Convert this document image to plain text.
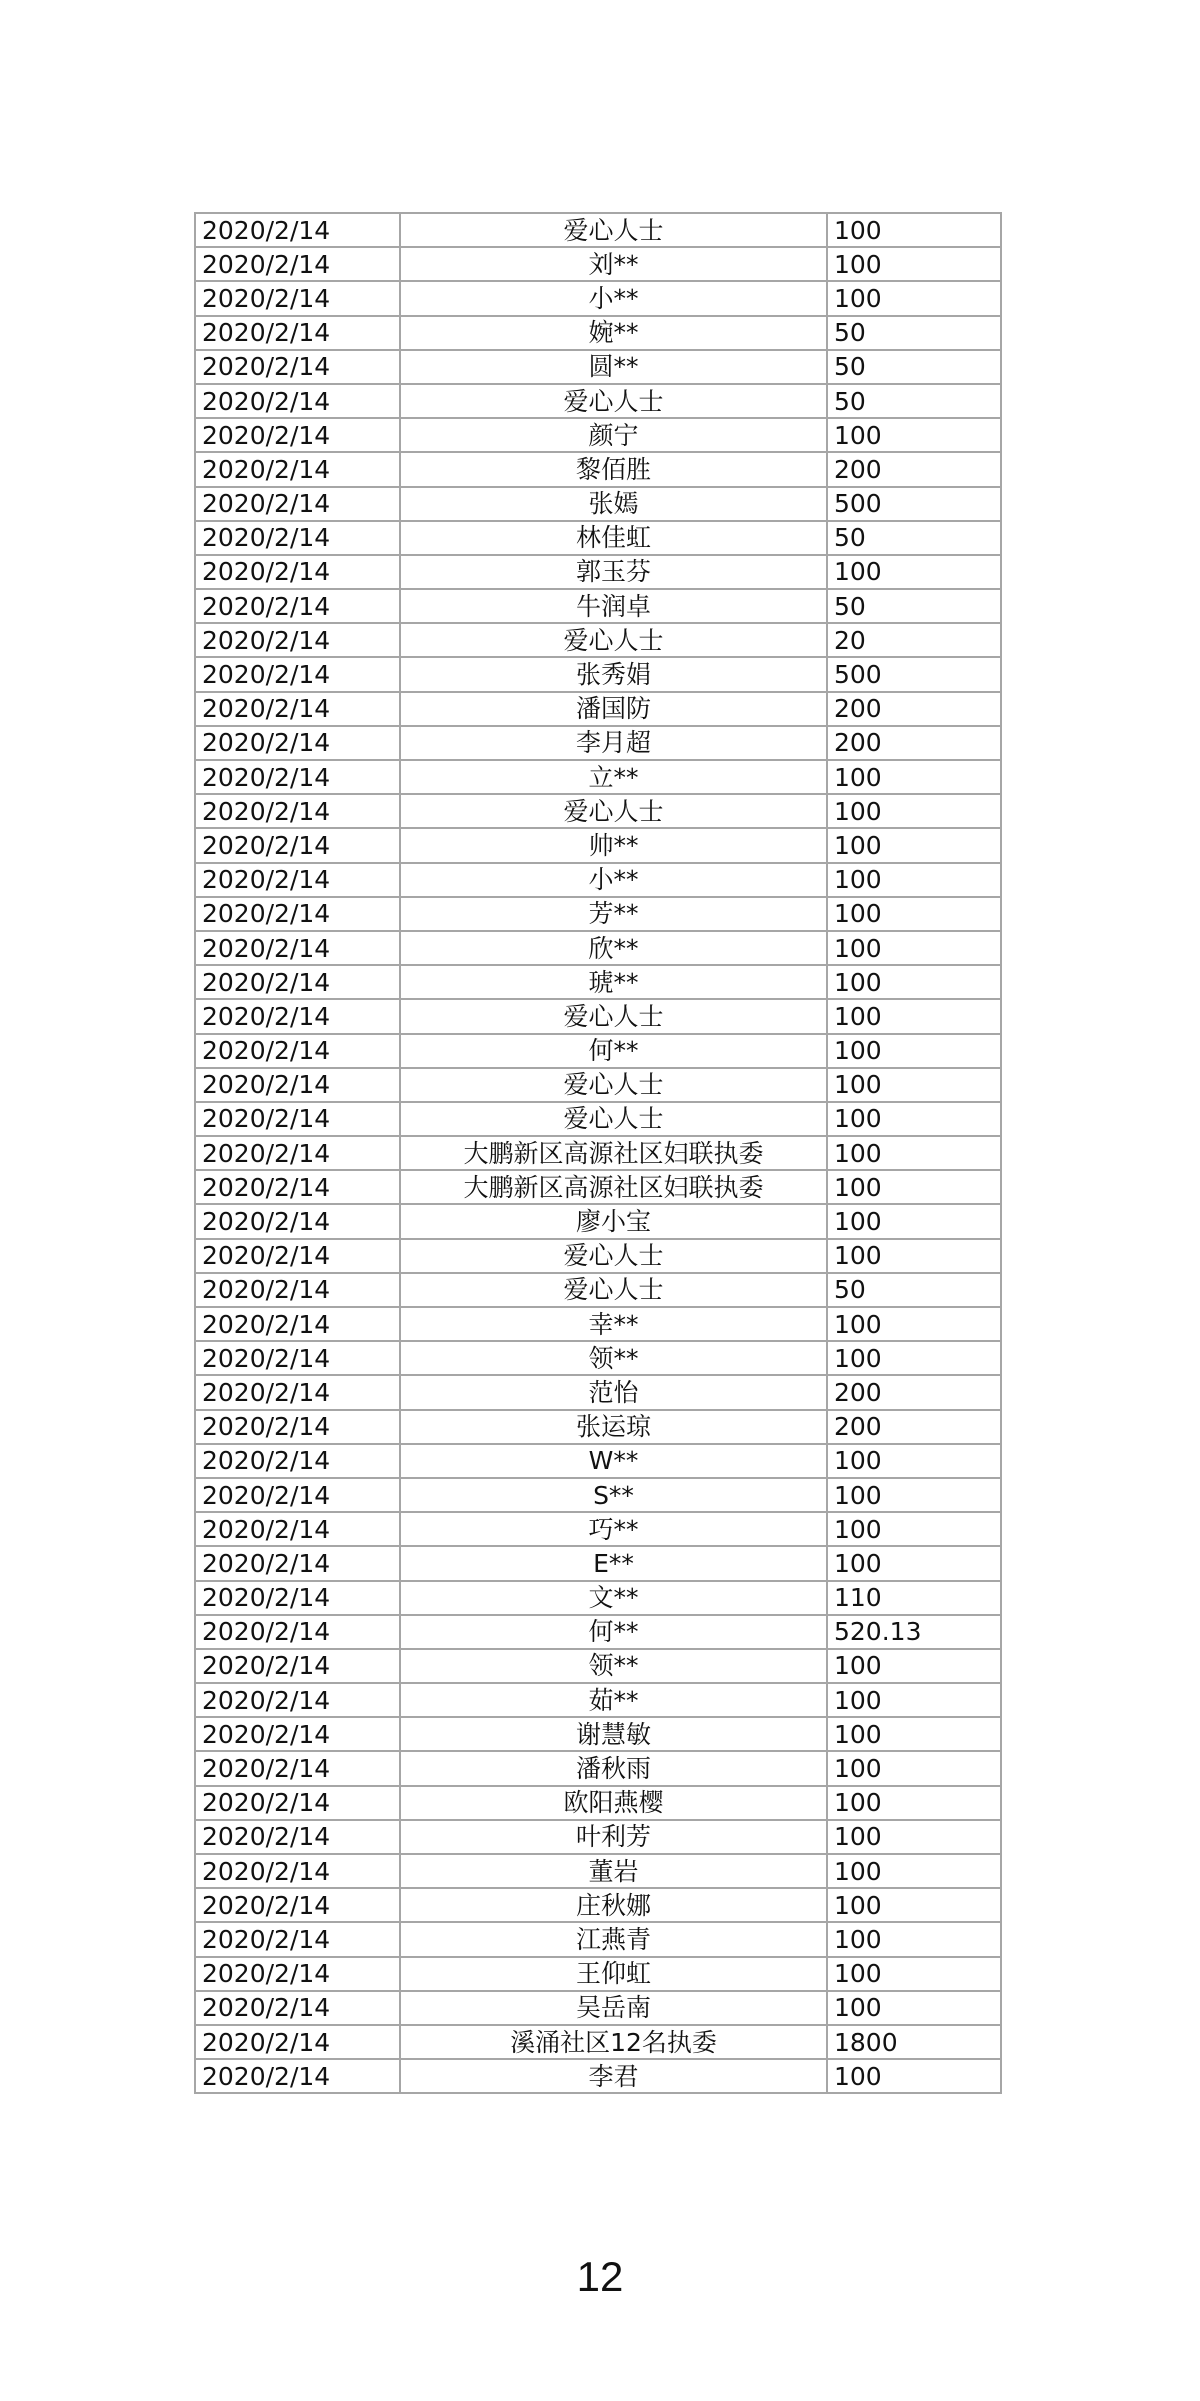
2020/2/14	爱心人士	100
2020/2/14	刘**	100
2020/2/14	小**	100
2020/2/14	婉**	50
2020/2/14	圆**	50
2020/2/14	爱心人士	50
2020/2/14	颜宁	100
2020/2/14	黎佰胜	200
2020/2/14	张嫣	500
2020/2/14	林佳虹	50
2020/2/14	郭玉芬	100
2020/2/14	牛润卓	50
2020/2/14	爱心人士	20
2020/2/14	张秀娟	500
2020/2/14	潘国防	200
2020/2/14	李月超	200
2020/2/14	立**	100
2020/2/14	爱心人士	100
2020/2/14	帅**	100
2020/2/14	小**	100
2020/2/14	芳**	100
2020/2/14	欣**	100
2020/2/14	琥**	100
2020/2/14	爱心人士	100
2020/2/14	何**	100
2020/2/14	爱心人士	100
2020/2/14	爱心人士	100
2020/2/14	大鹏新区高源社区妇联执委	100
2020/2/14	大鹏新区高源社区妇联执委	100
2020/2/14	廖小宝	100
2020/2/14	爱心人士	100
2020/2/14	爱心人士	50
2020/2/14	幸**	100
2020/2/14	领**	100
2020/2/14	范怡	200
2020/2/14	张运琼	200
2020/2/14	W**	100
2020/2/14	S**	100
2020/2/14	巧**	100
2020/2/14	E**	100
2020/2/14	文**	110
2020/2/14	何**	520.13
2020/2/14	领**	100
2020/2/14	茹**	100
2020/2/14	谢慧敏	100
2020/2/14	潘秋雨	100
2020/2/14	欧阳燕樱	100
2020/2/14	叶利芳	100
2020/2/14	董岩	100
2020/2/14	庄秋娜	100
2020/2/14	江燕青	100
2020/2/14	王仰虹	100
2020/2/14	吴岳南	100
2020/2/14	溪涌社区12名执委	1800
2020/2/14	李君	100
12
